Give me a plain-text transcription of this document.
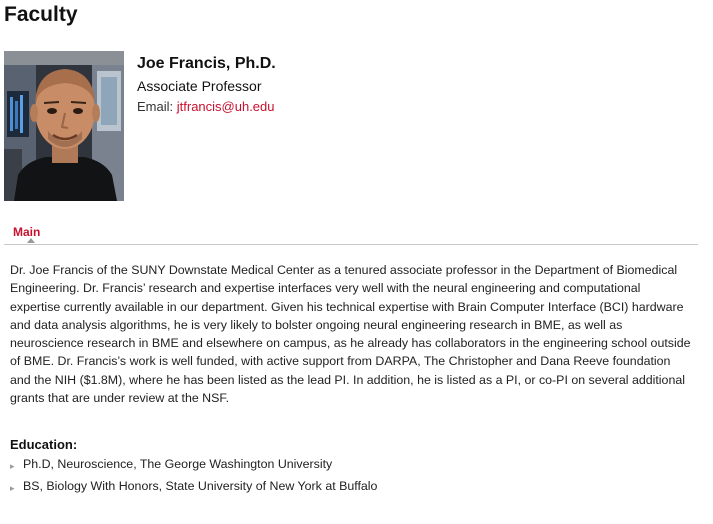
Faculty
Joe Francis, Ph.D.
Associate Professor
Email: jtfrancis@uh.edu
Main

Dr. Joe Francis of the SUNY Downstate Medical Center as a tenured associate professor in the Department of Biomedical Engineering. Dr. Francis’ research and expertise interfaces very well with the neural engineering and computational expertise currently available in our department. Given his technical expertise with Brain Computer Interface (BCI) hardware and data analysis algorithms, he is very likely to bolster ongoing neural engineering research in BME, as well as neuroscience research in BME and elsewhere on campus, as he already has collaborators in the engineering school outside of BME. Dr. Francis’s work is well funded, with active support from DARPA, The Christopher and Dana Reeve foundation and the NIH ($1.8M), where he has been listed as the lead PI. In addition, he is listed as a PI, or co-PI on several additional grants that are under review at the NSF.

Education:
▸ Ph.D, Neuroscience, The George Washington University
▸ BS, Biology With Honors, State University of New York at Buffalo
